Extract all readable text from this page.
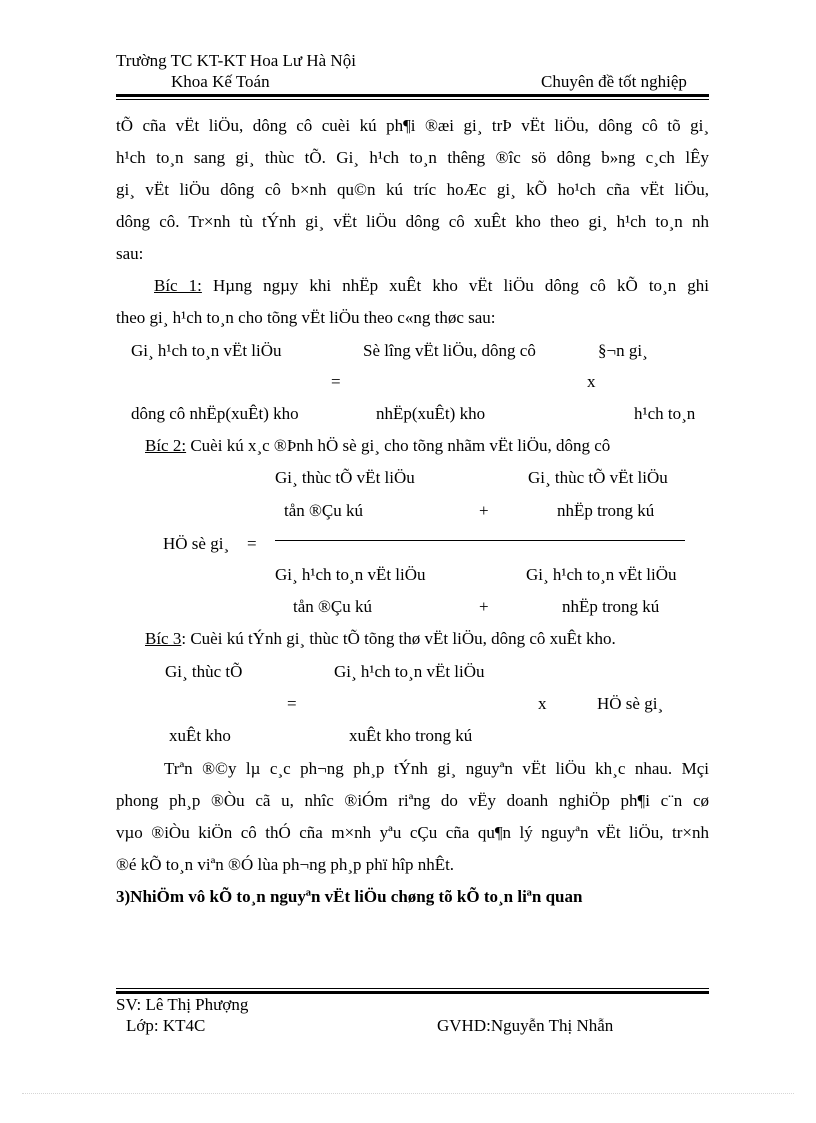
Trường TC KT-KT Hoa Lư Hà Nội
Khoa Kế Toán	Chuyên đề tốt nghiệp
tÕ cña vËt liÖu, dông cô cuèi kú ph¶i ®æi gi¸ trÞ vËt liÖu, dông cô tõ gi¸
h¹ch to¸n sang gi¸ thùc tÕ. Gi¸ h¹ch to¸n thêng ®îc sö dông b»ng c¸ch lÊy
gi¸ vËt liÖu dông cô b×nh qu©n kú tríc hoÆc gi¸ kÕ ho¹ch cña vËt liÖu,
dông cô. Tr×nh tù tÝnh gi¸ vËt liÖu dông cô xuÊt kho theo gi¸ h¹ch to¸n nh
sau:
Bíc 1: Hµng ngµy khi nhËp xuÊt kho vËt liÖu dông cô kÕ to¸n ghi
theo gi¸ h¹ch to¸n cho tõng vËt liÖu theo c«ng thøc sau:
Gi¸ h¹ch to¸n vËt liÖu	Sè lîng vËt liÖu, dông cô	§¬n gi¸
=	x
dông cô nhËp(xuÊt) kho	nhËp(xuÊt) kho	h¹ch to¸n
Bíc 2: Cuèi kú x¸c ®Þnh hÖ sè gi¸ cho tõng nhãm vËt liÖu, dông cô
Gi¸ thùc tÕ vËt liÖu	Gi¸ thùc tÕ vËt liÖu
tån ®Çu kú	+	nhËp trong kú
HÖ sè gi¸ =
Gi¸ h¹ch to¸n vËt liÖu	Gi¸ h¹ch to¸n vËt liÖu
tån ®Çu kú	+	nhËp trong kú
Bíc 3: Cuèi kú tÝnh gi¸ thùc tÕ tõng thø vËt liÖu, dông cô xuÊt kho.
Gi¸ thùc tÕ	Gi¸ h¹ch to¸n vËt liÖu
=	x	HÖ sè gi¸
xuÊt kho	xuÊt kho trong kú
Trªn ®©y lµ c¸c ph¬ng ph¸p tÝnh gi¸ nguyªn vËt liÖu kh¸c nhau. Mçi
phong ph¸p ®Òu cã u, nhîc ®iÓm riªng do vËy doanh nghiÖp ph¶i c¨n cø
vµo ®iÒu kiÖn cô thÓ cña m×nh yªu cÇu cña qu¶n lý nguyªn vËt liÖu, tr×nh
®é kÕ to¸n viªn ®Ó lùa ph¬ng ph¸p phï hîp nhÊt.
3)NhiÖm vô kÕ to¸n nguyªn vËt liÖu chøng tõ kÕ to¸n liªn quan
SV: Lê Thị Phượng
Lớp: KT4C	GVHD:Nguyễn Thị Nhẫn
